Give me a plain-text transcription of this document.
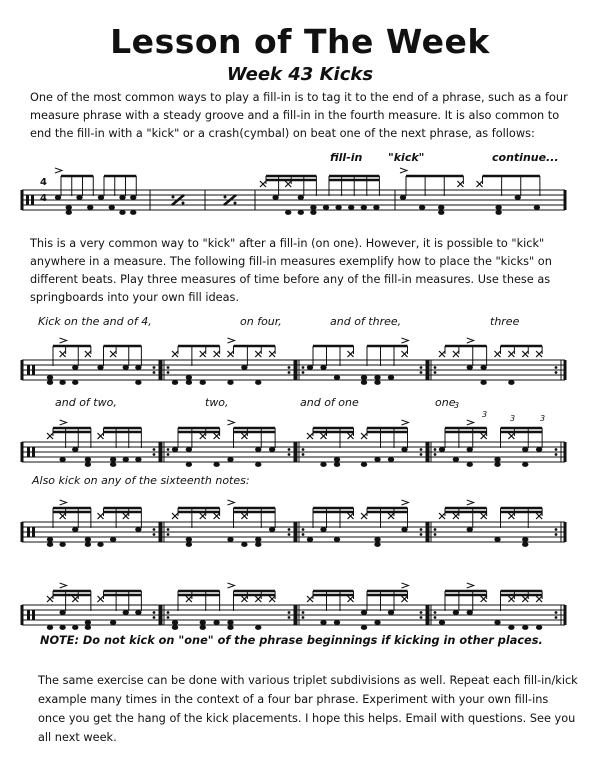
Lesson of The Week
Week 43 Kicks

One of the most common ways to play a fill-in is to tag it to the end of a phrase, such as a four measure phrase with a steady groove and a fill-in in the fourth measure. It is also common to end the fill-in with a "kick" or a crash(cymbal) on beat one of the next phrase, as follows:

fill-in "kick"	continue...
4
4

This is a very common way to "kick" after a fill-in (on one). However, it is possible to "kick" anywhere in a measure. The following fill-in measures exemplify how to place the "kicks" on different beats. Play three measures of time before any of the fill-in measures. Use these as springboards into your own fill ideas.

Kick on the and of 4,	on four,	and of three,	three
and of two,	two,	and of one	one
3
3	3	3
Also kick on any of the sixteenth notes:
NOTE: Do not kick on "one" of the phrase beginnings if kicking in other places.

The same exercise can be done with various triplet subdivisions as well. Repeat each fill-in/kick example many times in the context of a four bar phrase. Experiment with your own fill-ins once you get the hang of the kick placements. I hope this helps. Email with questions. See you all next week.
